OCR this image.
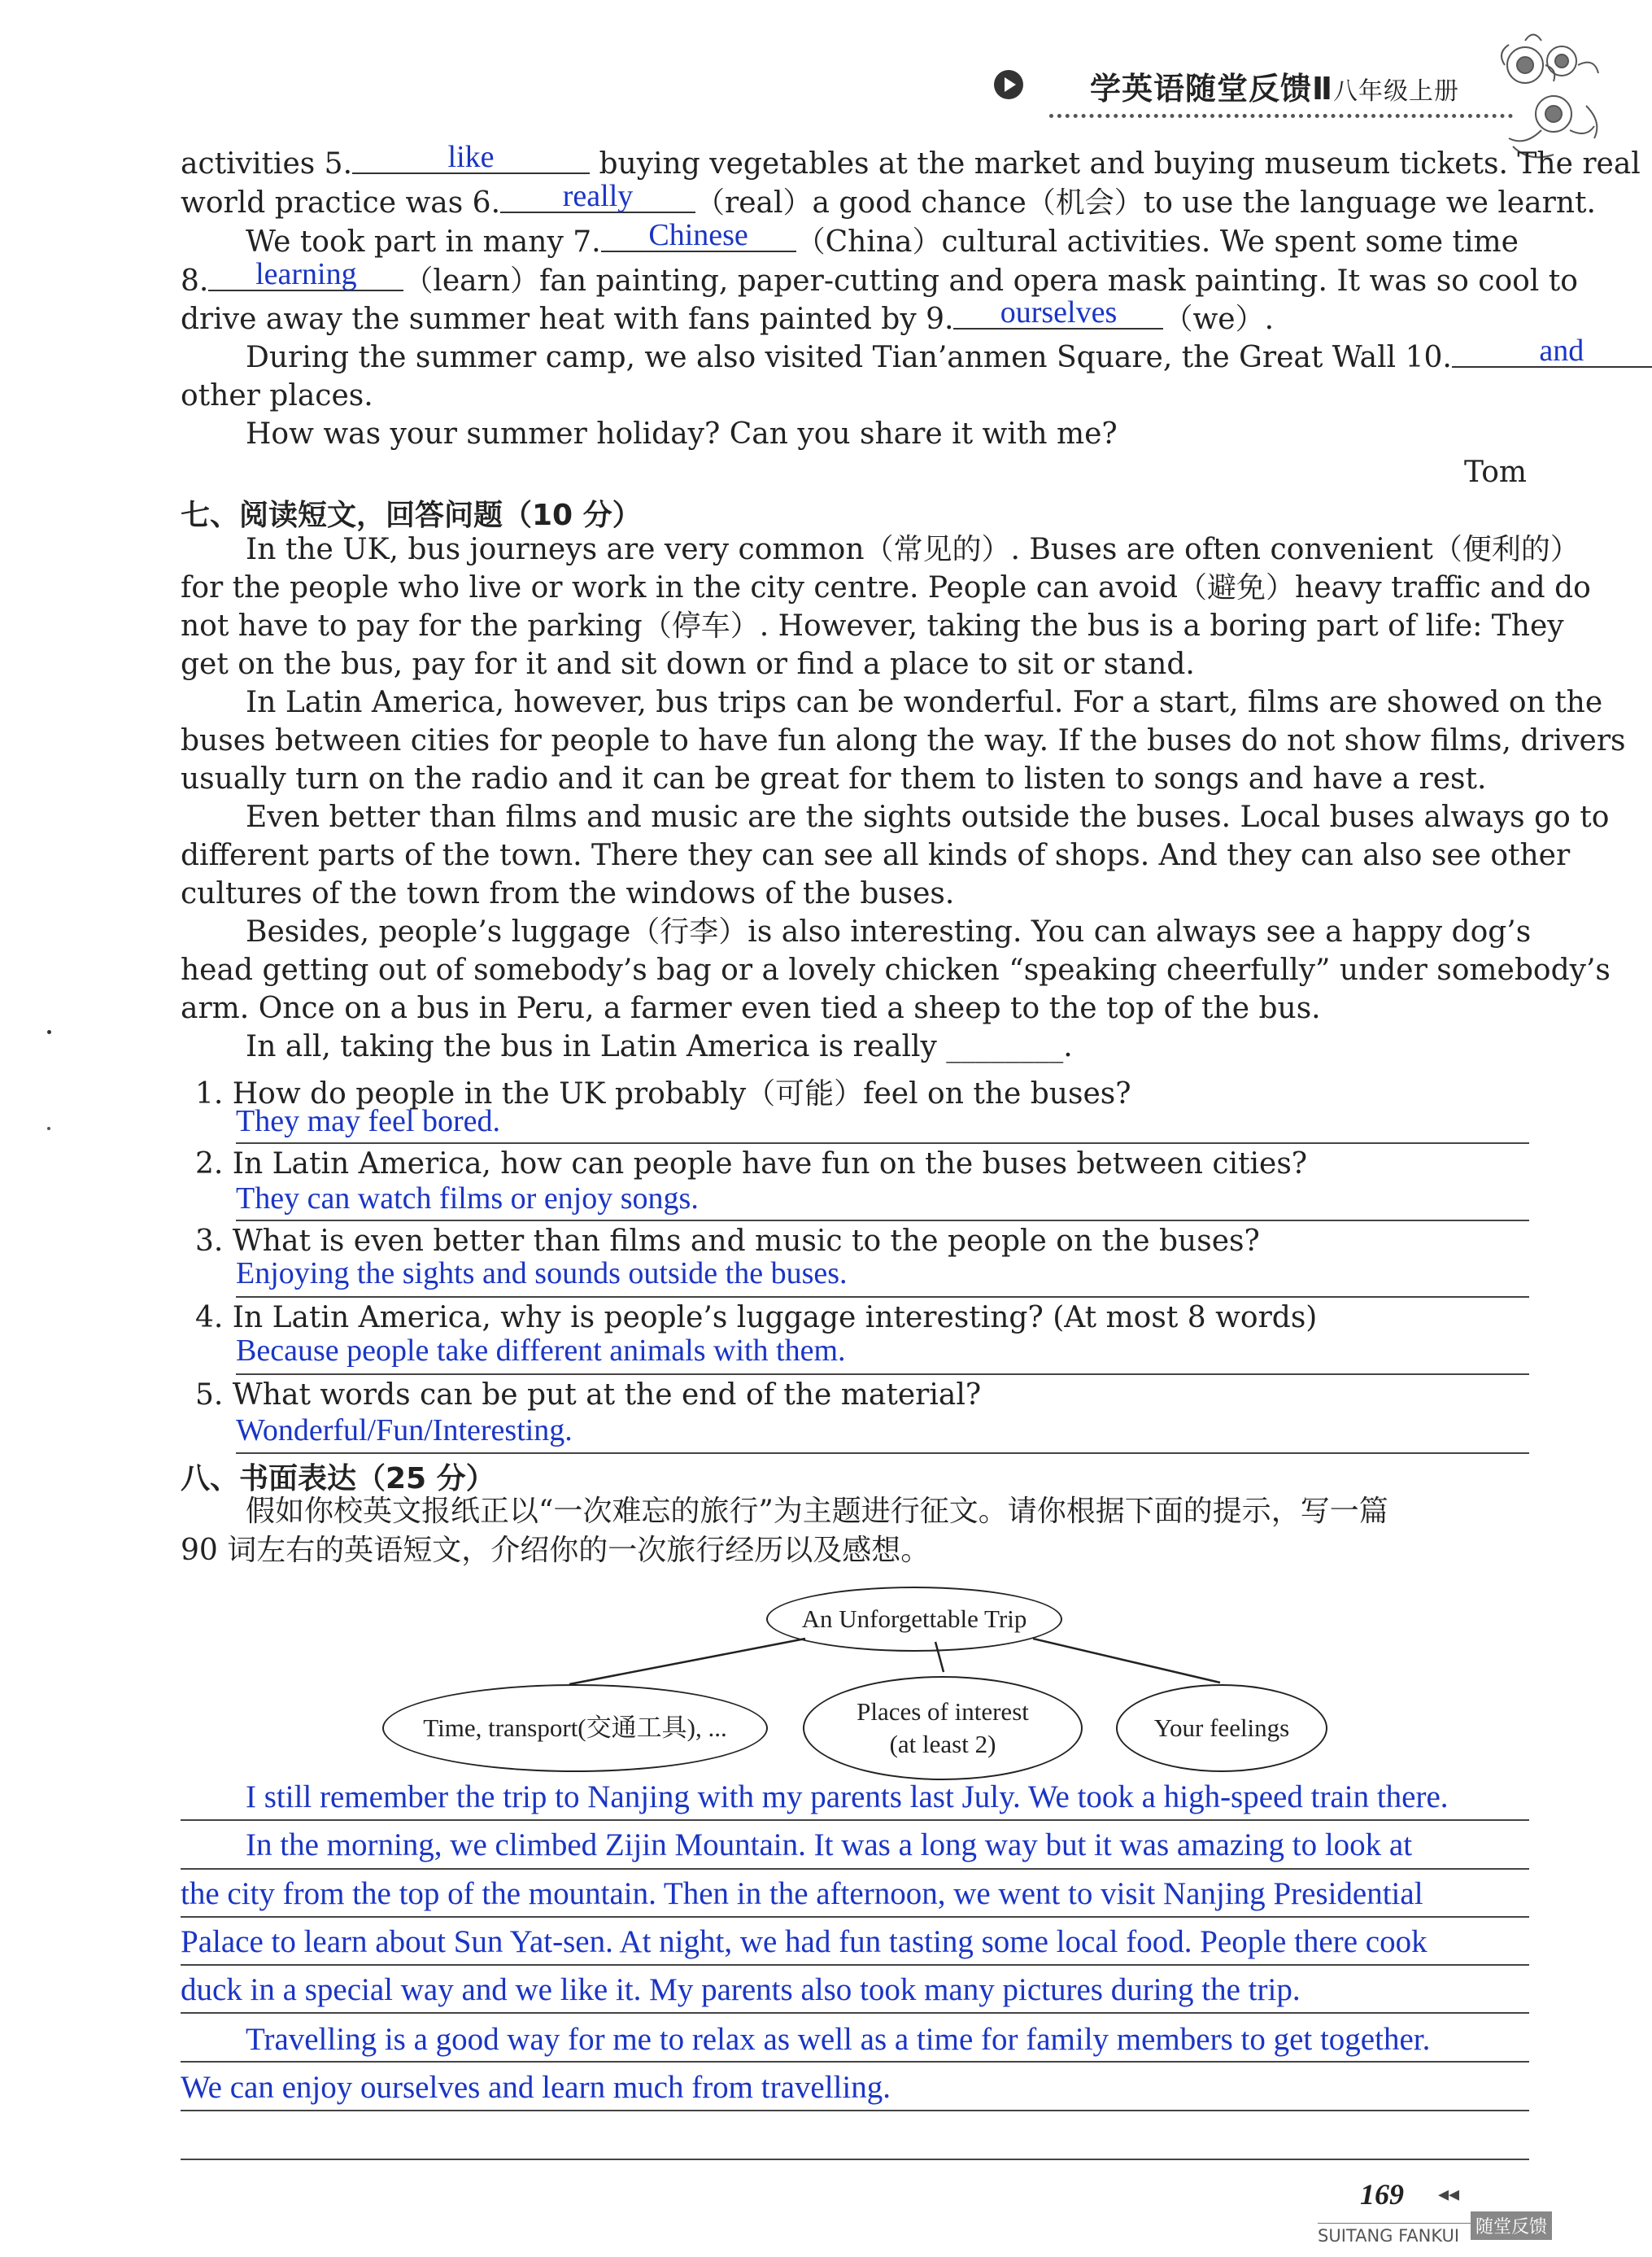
学英语随堂反馈Ⅱ八年级上册
activities 5.	like	buying vegetables at the market and buying museum tickets. The real
world practice was 6. really （real）a good chance（机会）to use the language we learnt.
We took part in many 7. Chinese （China）cultural activities. We spent some time
8. learning （learn）fan painting, paper-cutting and opera mask painting. It was so cool to
drive away the summer heat with fans painted by 9. ourselves （we）.
During the summer camp, we also visited Tian’anmen Square, the Great Wall 10.	and
other places.
How was your summer holiday? Can you share it with me?
Tom
七、阅读短文，回答问题（10 分）
In the UK, bus journeys are very common（常见的）. Buses are often convenient（便利的）
for the people who live or work in the city centre. People can avoid（避免）heavy traffic and do
not have to pay for the parking（停车）. However, taking the bus is a boring part of life: They
get on the bus, pay for it and sit down or find a place to sit or stand.
In Latin America, however, bus trips can be wonderful. For a start, films are showed on the
buses between cities for people to have fun along the way. If the buses do not show films, drivers
usually turn on the radio and it can be great for them to listen to songs and have a rest.
Even better than films and music are the sights outside the buses. Local buses always go to
different parts of the town. There they can see all kinds of shops. And they can also see other
cultures of the town from the windows of the buses.
Besides, people’s luggage（行李）is also interesting. You can always see a happy dog’s
head getting out of somebody’s bag or a lovely chicken “speaking cheerfully” under somebody’s
arm. Once on a bus in Peru, a farmer even tied a sheep to the top of the bus.
In all, taking the bus in Latin America is really ________.
1. How do people in the UK probably（可能）feel on the buses?
They may feel bored.
2. In Latin America, how can people have fun on the buses between cities?
They can watch films or enjoy songs.
3. What is even better than films and music to the people on the buses?
Enjoying the sights and sounds outside the buses.
4. In Latin America, why is people’s luggage interesting? (At most 8 words)
Because people take different animals with them.
5. What words can be put at the end of the material?
Wonderful/Fun/Interesting.
八、书面表达（25 分）
假如你校英文报纸正以“一次难忘的旅行”为主题进行征文。请你根据下面的提示，写一篇
90 词左右的英语短文，介绍你的一次旅行经历以及感想。
An Unforgettable Trip
Time, transport(交通工具), ...
Places of interest
(at least 2)
Your feelings
I still remember the trip to Nanjing with my parents last July. We took a high-speed train there.
In the morning, we climbed Zijin Mountain. It was a long way but it was amazing to look at
the city from the top of the mountain. Then in the afternoon, we went to visit Nanjing Presidential
Palace to learn about Sun Yat-sen. At night, we had fun tasting some local food. People there cook
duck in a special way and we like it. My parents also took many pictures during the trip.
Travelling is a good way for me to relax as well as a time for family members to get together.
We can enjoy ourselves and learn much from travelling.
169 ◂◂
SUITANG FANKUI 随堂反馈
